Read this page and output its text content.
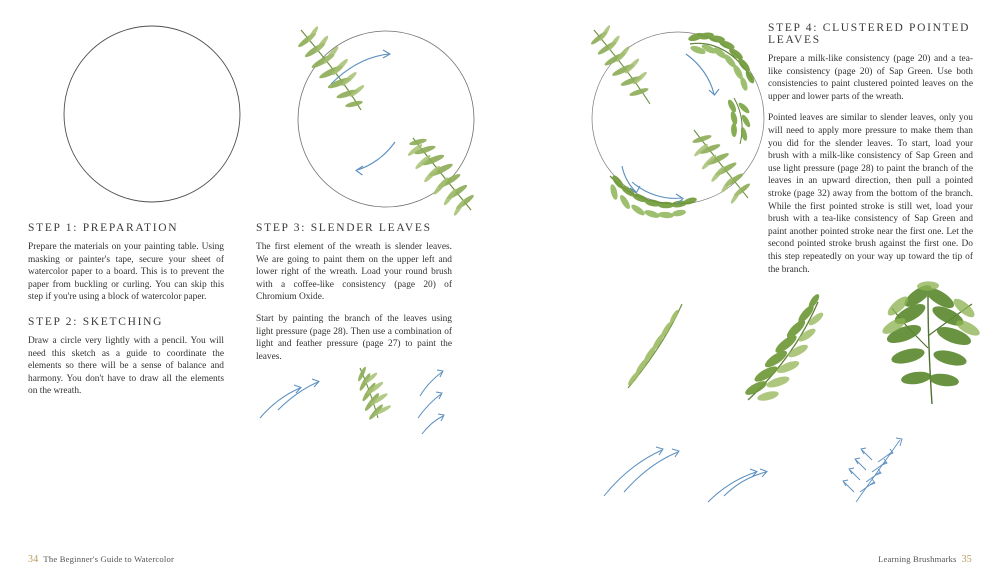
STEP 1: PREPARATION

Prepare the materials on your painting table. Using masking or painter's tape, secure your sheet of watercolor paper to a board. This is to prevent the paper from buckling or curling. You can skip this step if you're using a block of watercolor paper.

STEP 2: SKETCHING

Draw a circle very lightly with a pencil. You will need this sketch as a guide to coordinate the elements so there will be a sense of balance and harmony. You don't have to draw all the elements on the wreath.

STEP 3: SLENDER LEAVES

The first element of the wreath is slender leaves. We are going to paint them on the upper left and lower right of the wreath. Load your round brush with a coffee-like consistency (page 20) of Chromium Oxide.

Start by painting the branch of the leaves using light pressure (page 28). Then use a combination of light and feather pressure (page 27) to paint the leaves.

STEP 4: CLUSTERED POINTED LEAVES

Prepare a milk-like consistency (page 20) and a tea-like consistency (page 20) of Sap Green. Use both consistencies to paint clustered pointed leaves on the upper and lower parts of the wreath.

Pointed leaves are similar to slender leaves, only you will need to apply more pressure to make them than you did for the slender leaves. To start, load your brush with a milk-like consistency of Sap Green and use light pressure (page 28) to paint the branch of the leaves in an upward direction, then pull a pointed stroke (page 32) away from the bottom of the branch. While the first pointed stroke is still wet, load your brush with a tea-like consistency of Sap Green and paint another pointed stroke near the first one. Let the second pointed stroke brush against the first one. Do this step repeatedly on your way up toward the tip of the branch.

34 The Beginner's Guide to Watercolor	Learning Brushmarks 35
